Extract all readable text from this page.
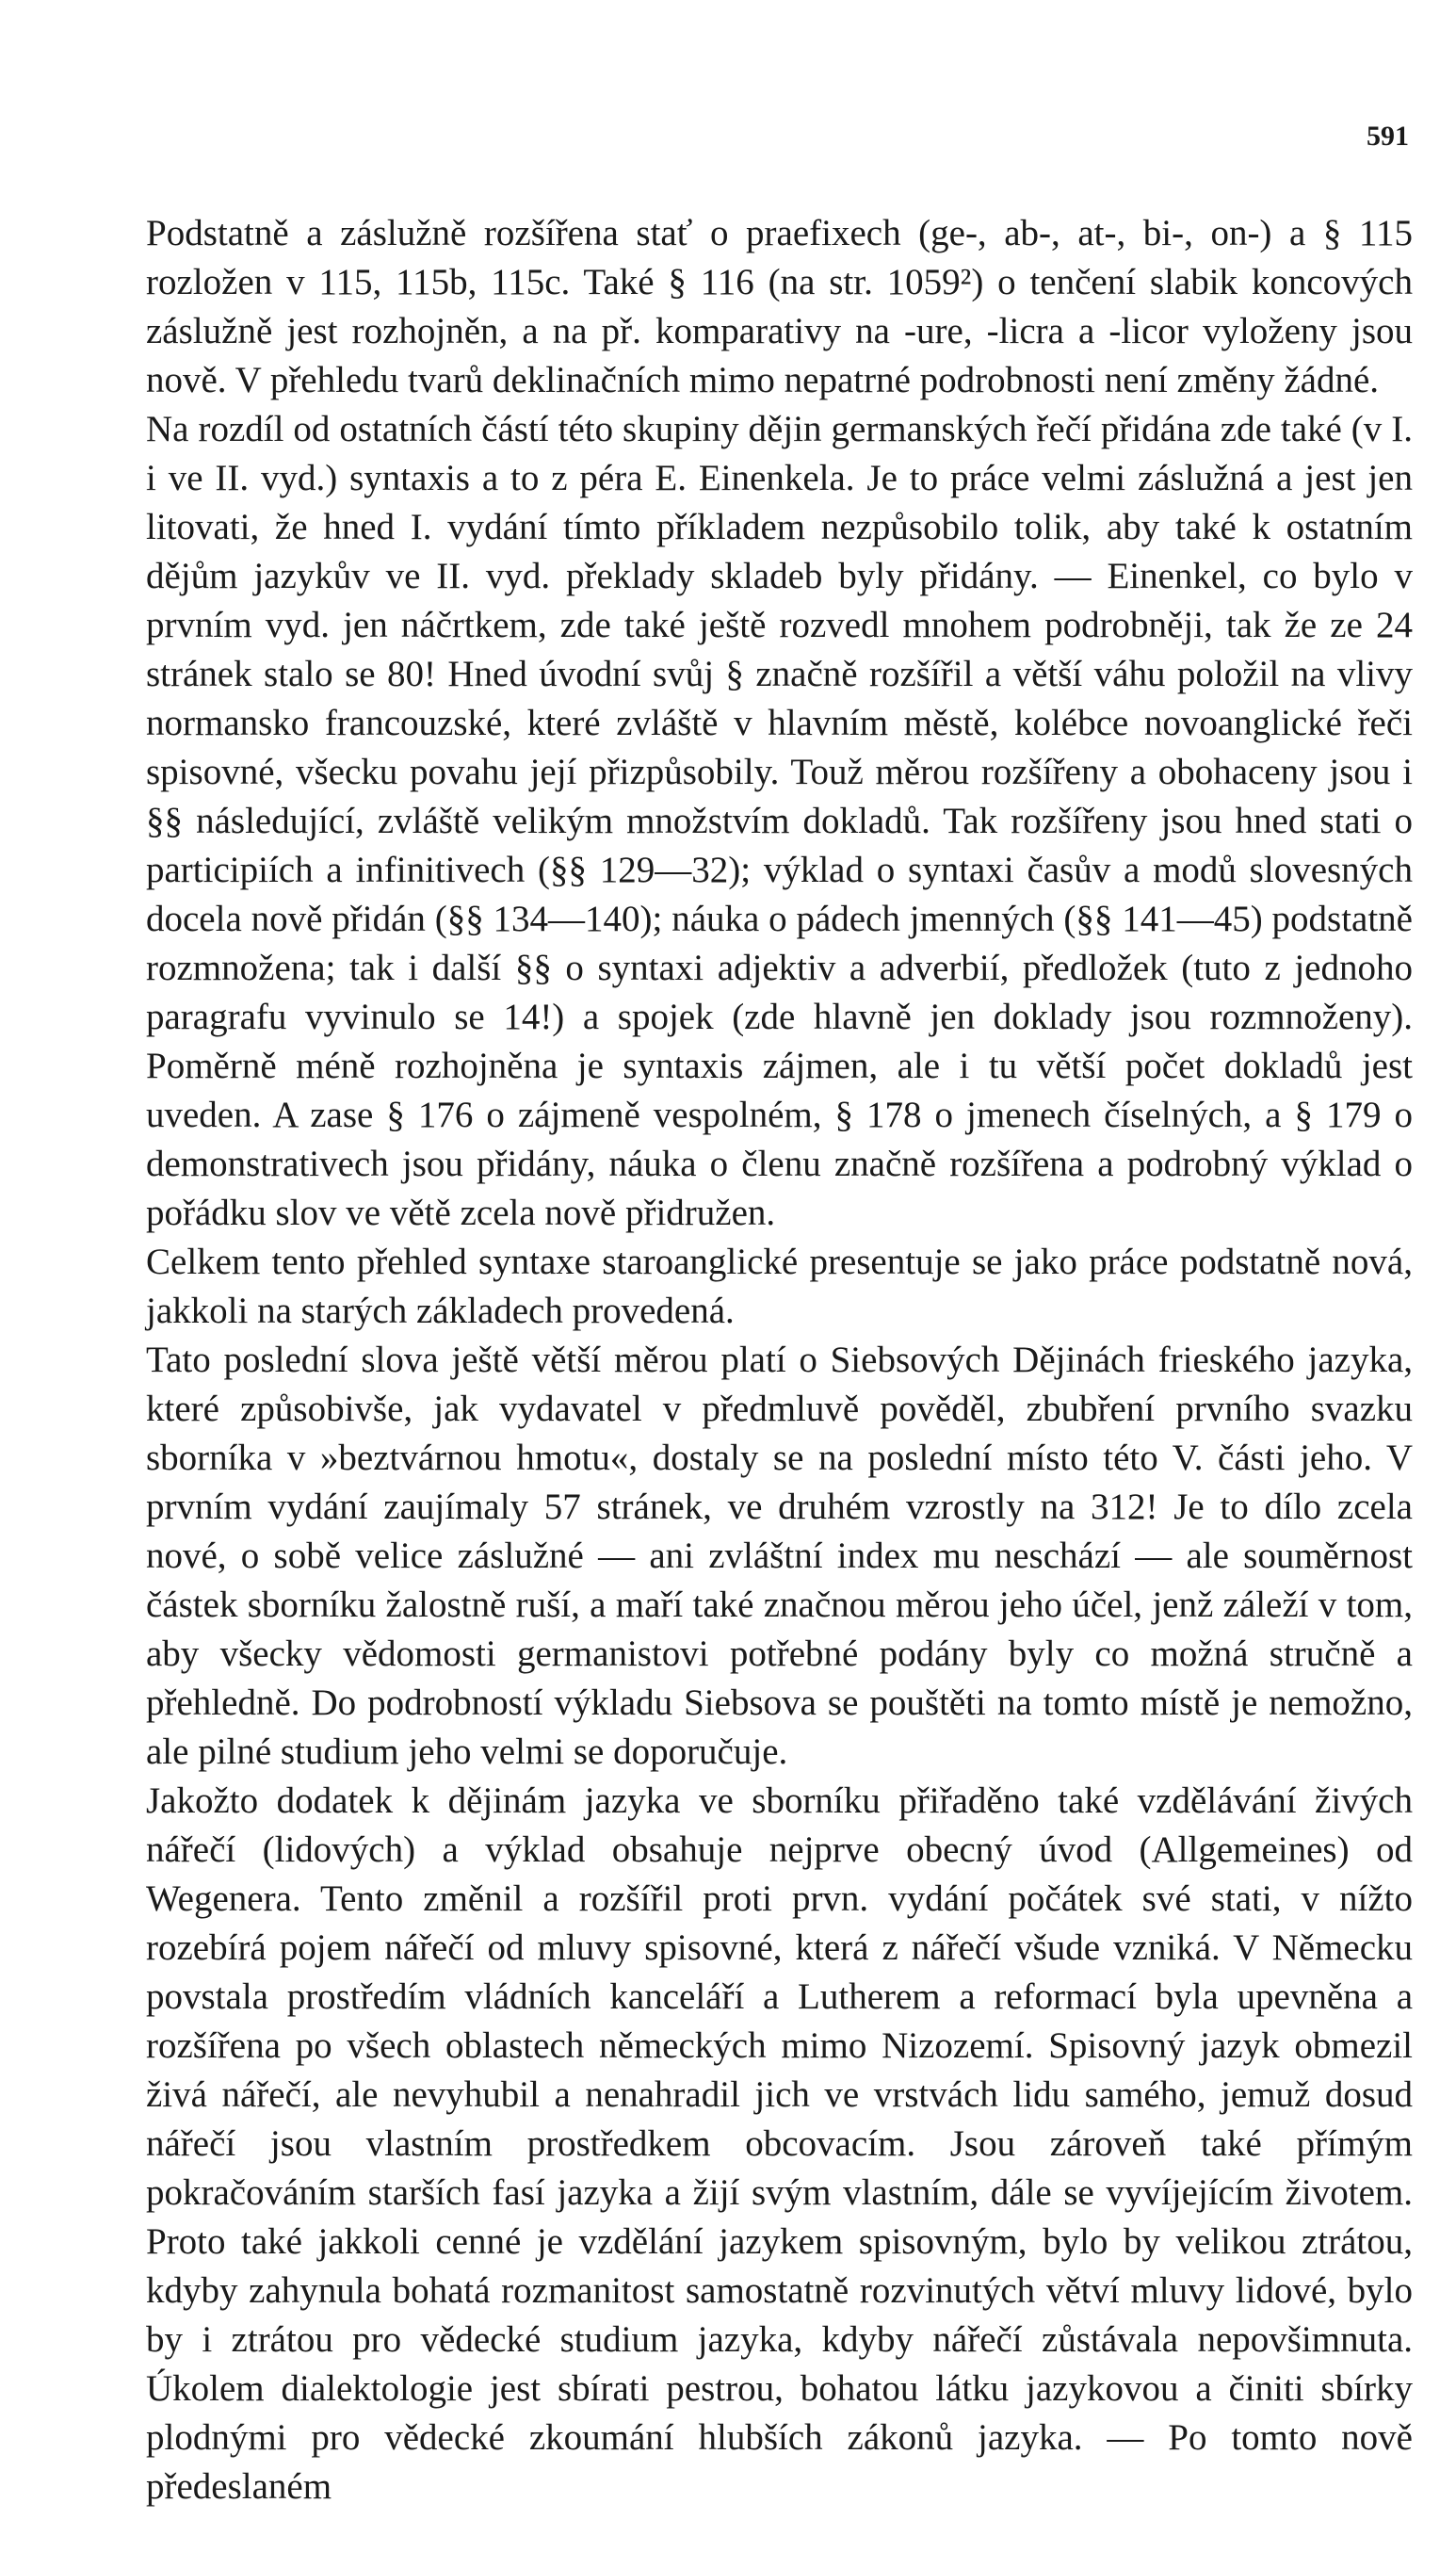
591

Podstatně a záslužně rozšířena stať o praefixech (ge-, ab-, at-, bi-, on-) a § 115 rozložen v 115, 115b, 115c. Také § 116 (na str. 1059²) o tenčení slabik koncových záslužně jest rozhojněn, a na př. komparativy na -ure, -licra a -licor vyloženy jsou nově. V přehledu tvarů deklinačních mimo nepatrné podrobnosti není změny žádné.

Na rozdíl od ostatních částí této skupiny dějin germanských řečí přidána zde také (v I. i ve II. vyd.) syntaxis a to z péra E. Einenkela. Je to práce velmi záslužná a jest jen litovati, že hned I. vydání tímto příkladem nezpůsobilo tolik, aby také k ostatním dějům jazykův ve II. vyd. překlady skladeb byly přidány. — Einenkel, co bylo v prvním vyd. jen náčrtkem, zde také ještě rozvedl mnohem podrobněji, tak že ze 24 stránek stalo se 80! Hned úvodní svůj § značně rozšířil a větší váhu položil na vlivy normansko francouzské, které zvláště v hlavním městě, kolébce novoanglické řeči spisovné, všecku povahu její přizpůsobily. Touž měrou rozšířeny a obohaceny jsou i §§ následující, zvláště velikým množstvím dokladů. Tak rozšířeny jsou hned stati o participiích a infinitivech (§§ 129—32); výklad o syntaxi časův a modů slovesných docela nově přidán (§§ 134—140); náuka o pádech jmenných (§§ 141—45) podstatně rozmnožena; tak i další §§ o syntaxi adjektiv a adverbií, předložek (tuto z jednoho paragrafu vyvinulo se 14!) a spojek (zde hlavně jen doklady jsou rozmnoženy). Poměrně méně rozhojněna je syntaxis zájmen, ale i tu větší počet dokladů jest uveden. A zase § 176 o zájmeně vespolném, § 178 o jmenech číselných, a § 179 o demonstrativech jsou přidány, náuka o členu značně rozšířena a podrobný výklad o pořádku slov ve větě zcela nově přidružen.

Celkem tento přehled syntaxe staroanglické presentuje se jako práce podstatně nová, jakkoli na starých základech provedená.

Tato poslední slova ještě větší měrou platí o Siebsových Dějinách frieského jazyka, které způsobivše, jak vydavatel v předmluvě pověděl, zbubření prvního svazku sborníka v »beztvárnou hmotu«, dostaly se na poslední místo této V. části jeho. V prvním vydání zaujímaly 57 stránek, ve druhém vzrostly na 312! Je to dílo zcela nové, o sobě velice záslužné — ani zvláštní index mu neschází — ale souměrnost částek sborníku žalostně ruší, a maří také značnou měrou jeho účel, jenž záleží v tom, aby všecky vědomosti germanistovi potřebné podány byly co možná stručně a přehledně. Do podrobností výkladu Siebsova se pouštěti na tomto místě je nemožno, ale pilné studium jeho velmi se doporučuje.

Jakožto dodatek k dějinám jazyka ve sborníku přiřaděno také vzdělávání živých nářečí (lidových) a výklad obsahuje nejprve obecný úvod (Allgemeines) od Wegenera. Tento změnil a rozšířil proti prvn. vydání počátek své stati, v nížto rozebírá pojem nářečí od mluvy spisovné, která z nářečí všude vzniká. V Německu povstala prostředím vládních kanceláří a Lutherem a reformací byla upevněna a rozšířena po všech oblastech německých mimo Nizozemí. Spisovný jazyk obmezil živá nářečí, ale nevyhubil a nenahradil jich ve vrstvách lidu samého, jemuž dosud nářečí jsou vlastním prostředkem obcovacím. Jsou zároveň také přímým pokračováním starších fasí jazyka a žijí svým vlastním, dále se vyvíjejícím životem. Proto také jakkoli cenné je vzdělání jazykem spisovným, bylo by velikou ztrátou, kdyby zahynula bohatá rozmanitost samostatně rozvinutých větví mluvy lidové, bylo by i ztrátou pro vědecké studium jazyka, kdyby nářečí zůstávala nepovšimnuta. Úkolem dialektologie jest sbírati pestrou, bohatou látku jazykovou a činiti sbírky plodnými pro vědecké zkoumání hlubších zákonů jazyka. — Po tomto nově předeslaném
